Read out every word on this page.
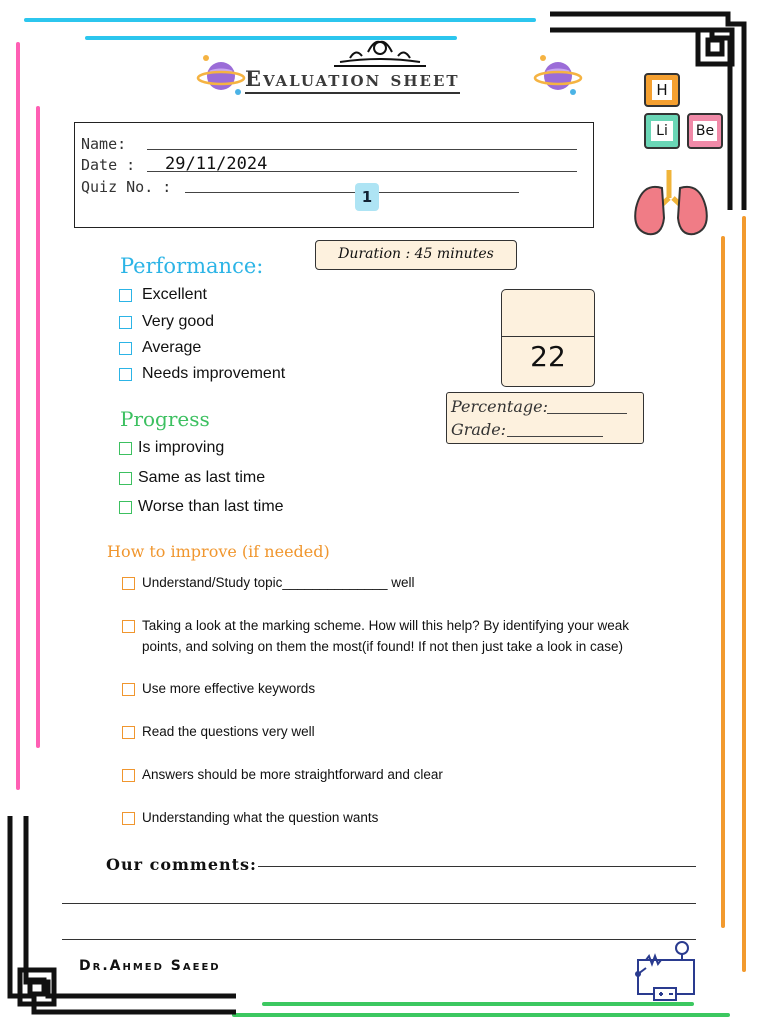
Evaluation sheet	H
Li	Be
Name:
Date : 29/11/2024
Quiz No. :
1
Duration : 45 minutes
22
Percentage:
Grade:
Performance:
Excellent
Very good
Average
Needs improvement
Progress
Is improving
Same as last time
Worse than last time
How to improve (if needed)
Understand/Study topic______________ well
Taking a look at the marking scheme. How will this help? By identifying your weak
points, and solving on them the most(if found! If not then just take a look in case)
Use more effective keywords
Read the questions very well
Answers should be more straightforward and clear
Understanding what the question wants
Our comments:
Dr.Ahmed Saeed
